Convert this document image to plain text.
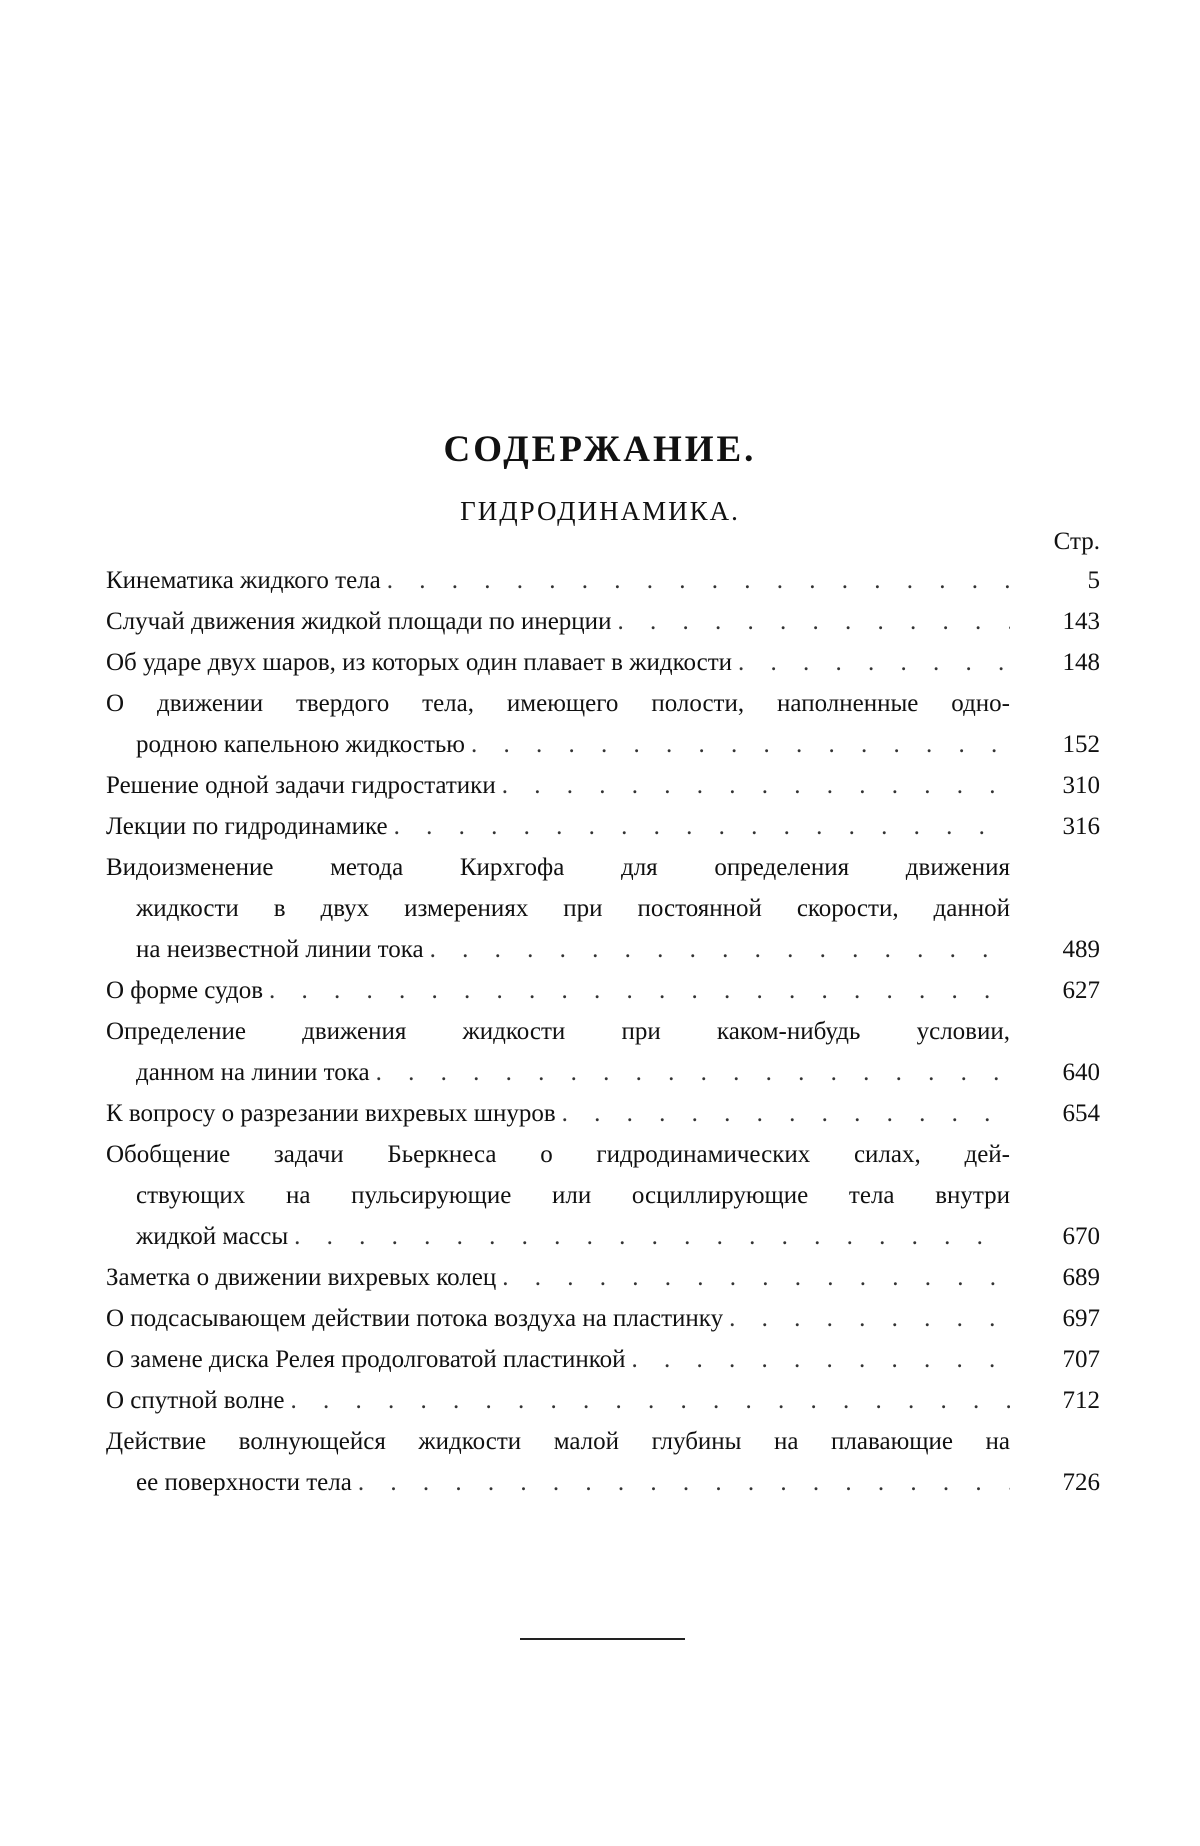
СОДЕРЖАНИЕ.
ГИДРОДИНАМИКА.
Стр.
Кинематика жидкого тела . . .	5
Случай движения жидкой площади по инерции . . .	143
Об ударе двух шаров, из которых один плавает в жидкости . . .	148
О движении твердого тела, имеющего полости, наполненные одно-
родною капельною жидкостью . . .	152
Решение одной задачи гидростатики . . .	310
Лекции по гидродинамике . . .	316
Видоизменение метода Кирхгофа для определения движения
жидкости в двух измерениях при постоянной скорости, данной
на неизвестной линии тока . . .	489
О форме судов . . .	627
Определение движения жидкости при каком-нибудь условии,
данном на линии тока . . .	640
К вопросу о разрезании вихревых шнуров . . .	654
Обобщение задачи Бьеркнеса о гидродинамических силах, дей-
ствующих на пульсирующие или осциллирующие тела внутри
жидкой массы . . .	670
Заметка о движении вихревых колец . . .	689
О подсасывающем действии потока воздуха на пластинку . . .	697
О замене диска Релея продолговатой пластинкой . . .	707
О спутной волне . . .	712
Действие волнующейся жидкости малой глубины на плавающие на
ее поверхности тела . . .	726
